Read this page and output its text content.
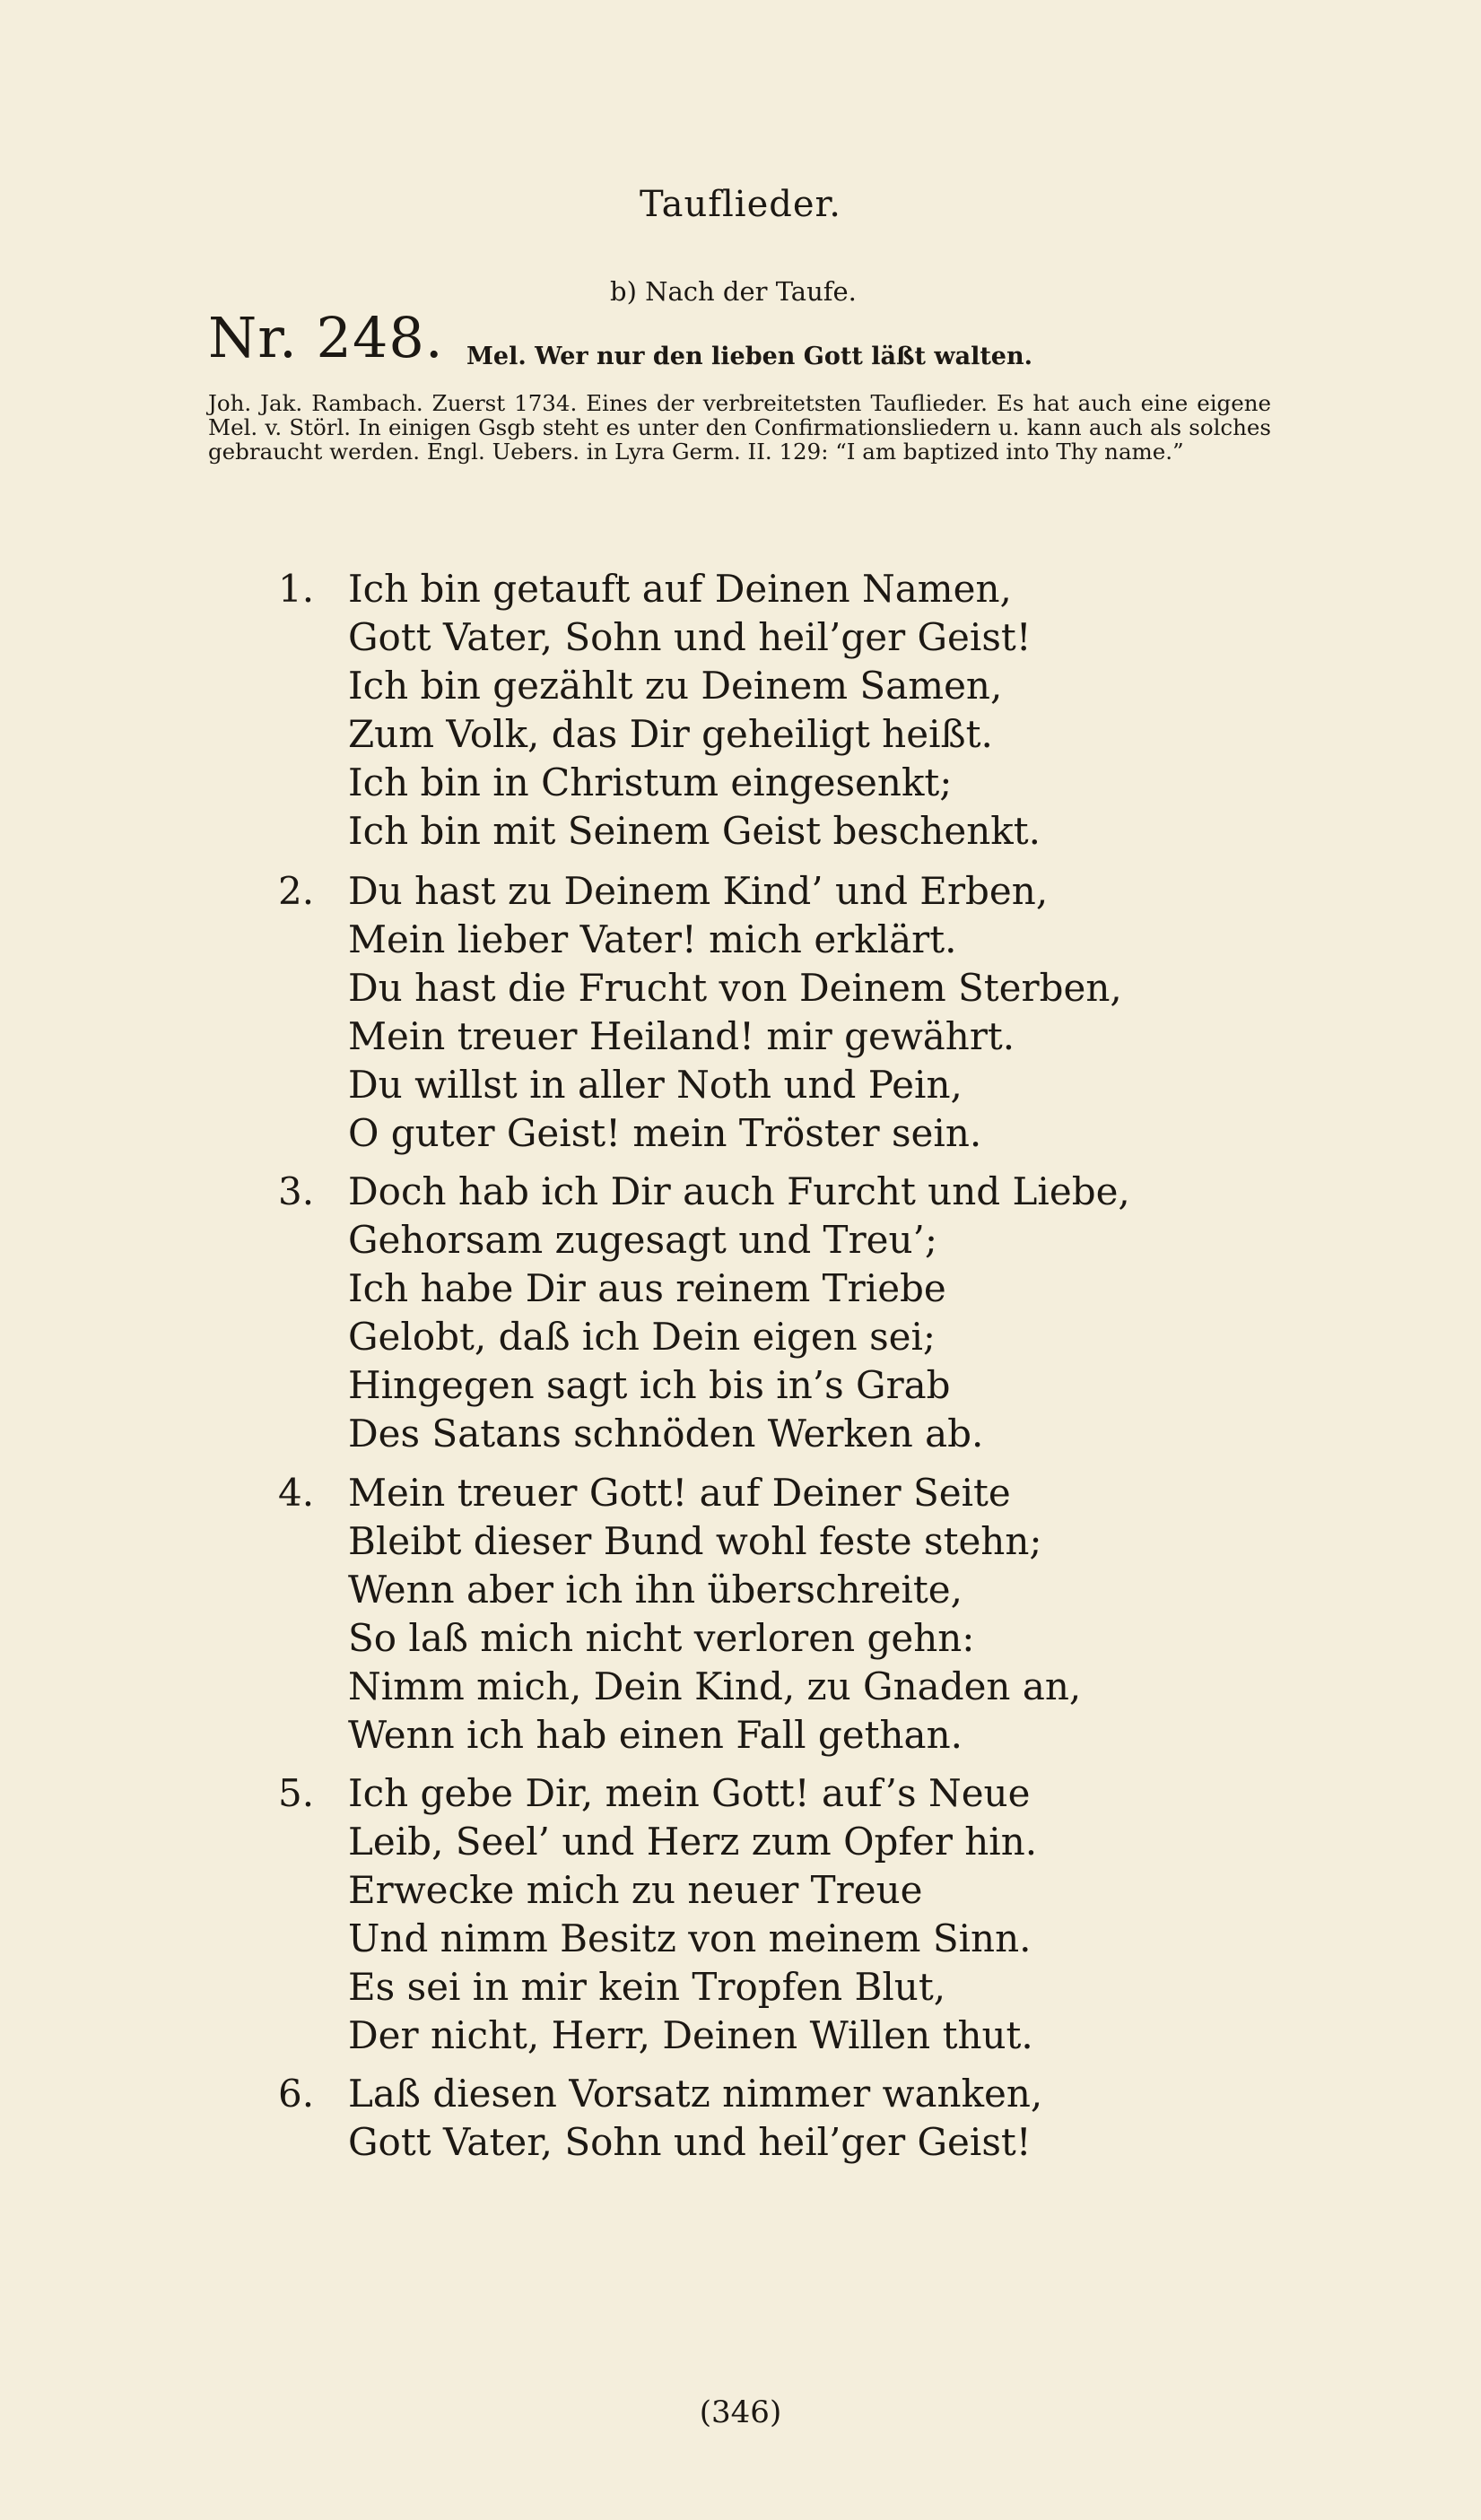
Tauflieder.
b) Nach der Taufe.
Nr. 248. Mel. Wer nur den lieben Gott läßt walten.
Joh. Jak. Rambach. Zuerst 1734. Eines der verbreitetsten Tauflieder. Es hat auch eine eigene Mel. v. Störl. In einigen Gsgb steht es unter den Confirmationsliedern u. kann auch als solches gebraucht werden. Engl. Uebers. in Lyra Germ. II. 129: “I am baptized into Thy name.”
1. Ich bin getauft auf Deinen Namen,
Gott Vater, Sohn und heil’ger Geist!
Ich bin gezählt zu Deinem Samen,
Zum Volk, das Dir geheiligt heißt.
Ich bin in Christum eingesenkt;
Ich bin mit Seinem Geist beschenkt.
2. Du hast zu Deinem Kind’ und Erben,
Mein lieber Vater! mich erklärt.
Du hast die Frucht von Deinem Sterben,
Mein treuer Heiland! mir gewährt.
Du willst in aller Noth und Pein,
O guter Geist! mein Tröster sein.
3. Doch hab ich Dir auch Furcht und Liebe,
Gehorsam zugesagt und Treu’;
Ich habe Dir aus reinem Triebe
Gelobt, daß ich Dein eigen sei;
Hingegen sagt ich bis in’s Grab
Des Satans schnöden Werken ab.
4. Mein treuer Gott! auf Deiner Seite
Bleibt dieser Bund wohl feste stehn;
Wenn aber ich ihn überschreite,
So laß mich nicht verloren gehn:
Nimm mich, Dein Kind, zu Gnaden an,
Wenn ich hab einen Fall gethan.
5. Ich gebe Dir, mein Gott! auf’s Neue
Leib, Seel’ und Herz zum Opfer hin.
Erwecke mich zu neuer Treue
Und nimm Besitz von meinem Sinn.
Es sei in mir kein Tropfen Blut,
Der nicht, Herr, Deinen Willen thut.
6. Laß diesen Vorsatz nimmer wanken,
Gott Vater, Sohn und heil’ger Geist!
(346)
